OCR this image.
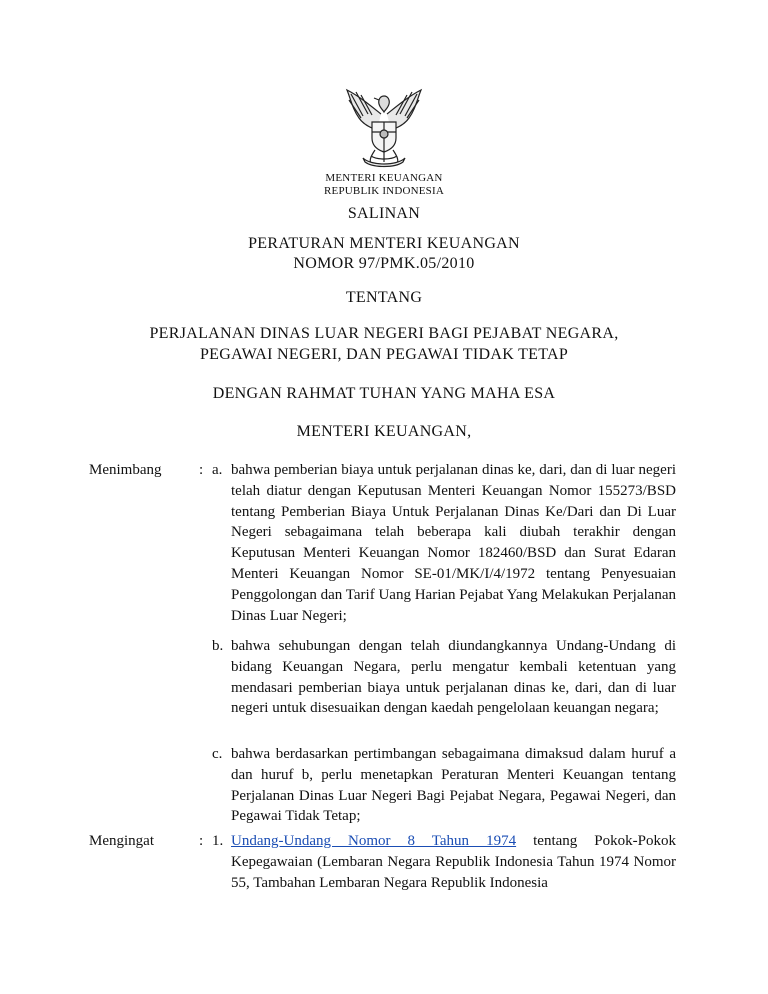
MENTERI KEUANGAN
REPUBLIK INDONESIA
SALINAN
PERATURAN MENTERI KEUANGAN
NOMOR 97/PMK.05/2010
TENTANG
PERJALANAN DINAS LUAR NEGERI BAGI PEJABAT NEGARA,
PEGAWAI NEGERI, DAN PEGAWAI TIDAK TETAP
DENGAN RAHMAT TUHAN YANG MAHA ESA
MENTERI KEUANGAN,
Menimbang	: a. bahwa pemberian biaya untuk perjalanan dinas ke, dari, dan di luar negeri telah diatur dengan Keputusan Menteri Keuangan Nomor 155273/BSD tentang Pemberian Biaya Untuk Perjalanan Dinas Ke/Dari dan Di Luar Negeri sebagaimana telah beberapa kali diubah terakhir dengan Keputusan Menteri Keuangan Nomor 182460/BSD dan Surat Edaran Menteri Keuangan Nomor SE-01/MK/I/4/1972 tentang Penyesuaian Penggolongan dan Tarif Uang Harian Pejabat Yang Melakukan Perjalanan Dinas Luar Negeri;
b. bahwa sehubungan dengan telah diundangkannya Undang-Undang di bidang Keuangan Negara, perlu mengatur kembali ketentuan yang mendasari pemberian biaya untuk perjalanan dinas ke, dari, dan di luar negeri untuk disesuaikan dengan kaedah pengelolaan keuangan negara;
c. bahwa berdasarkan pertimbangan sebagaimana dimaksud dalam huruf a dan huruf b, perlu menetapkan Peraturan Menteri Keuangan tentang Perjalanan Dinas Luar Negeri Bagi Pejabat Negara, Pegawai Negeri, dan Pegawai Tidak Tetap;
Mengingat	: 1. Undang-Undang Nomor 8 Tahun 1974 tentang Pokok-Pokok Kepegawaian (Lembaran Negara Republik Indonesia Tahun 1974 Nomor 55, Tambahan Lembaran Negara Republik Indonesia
